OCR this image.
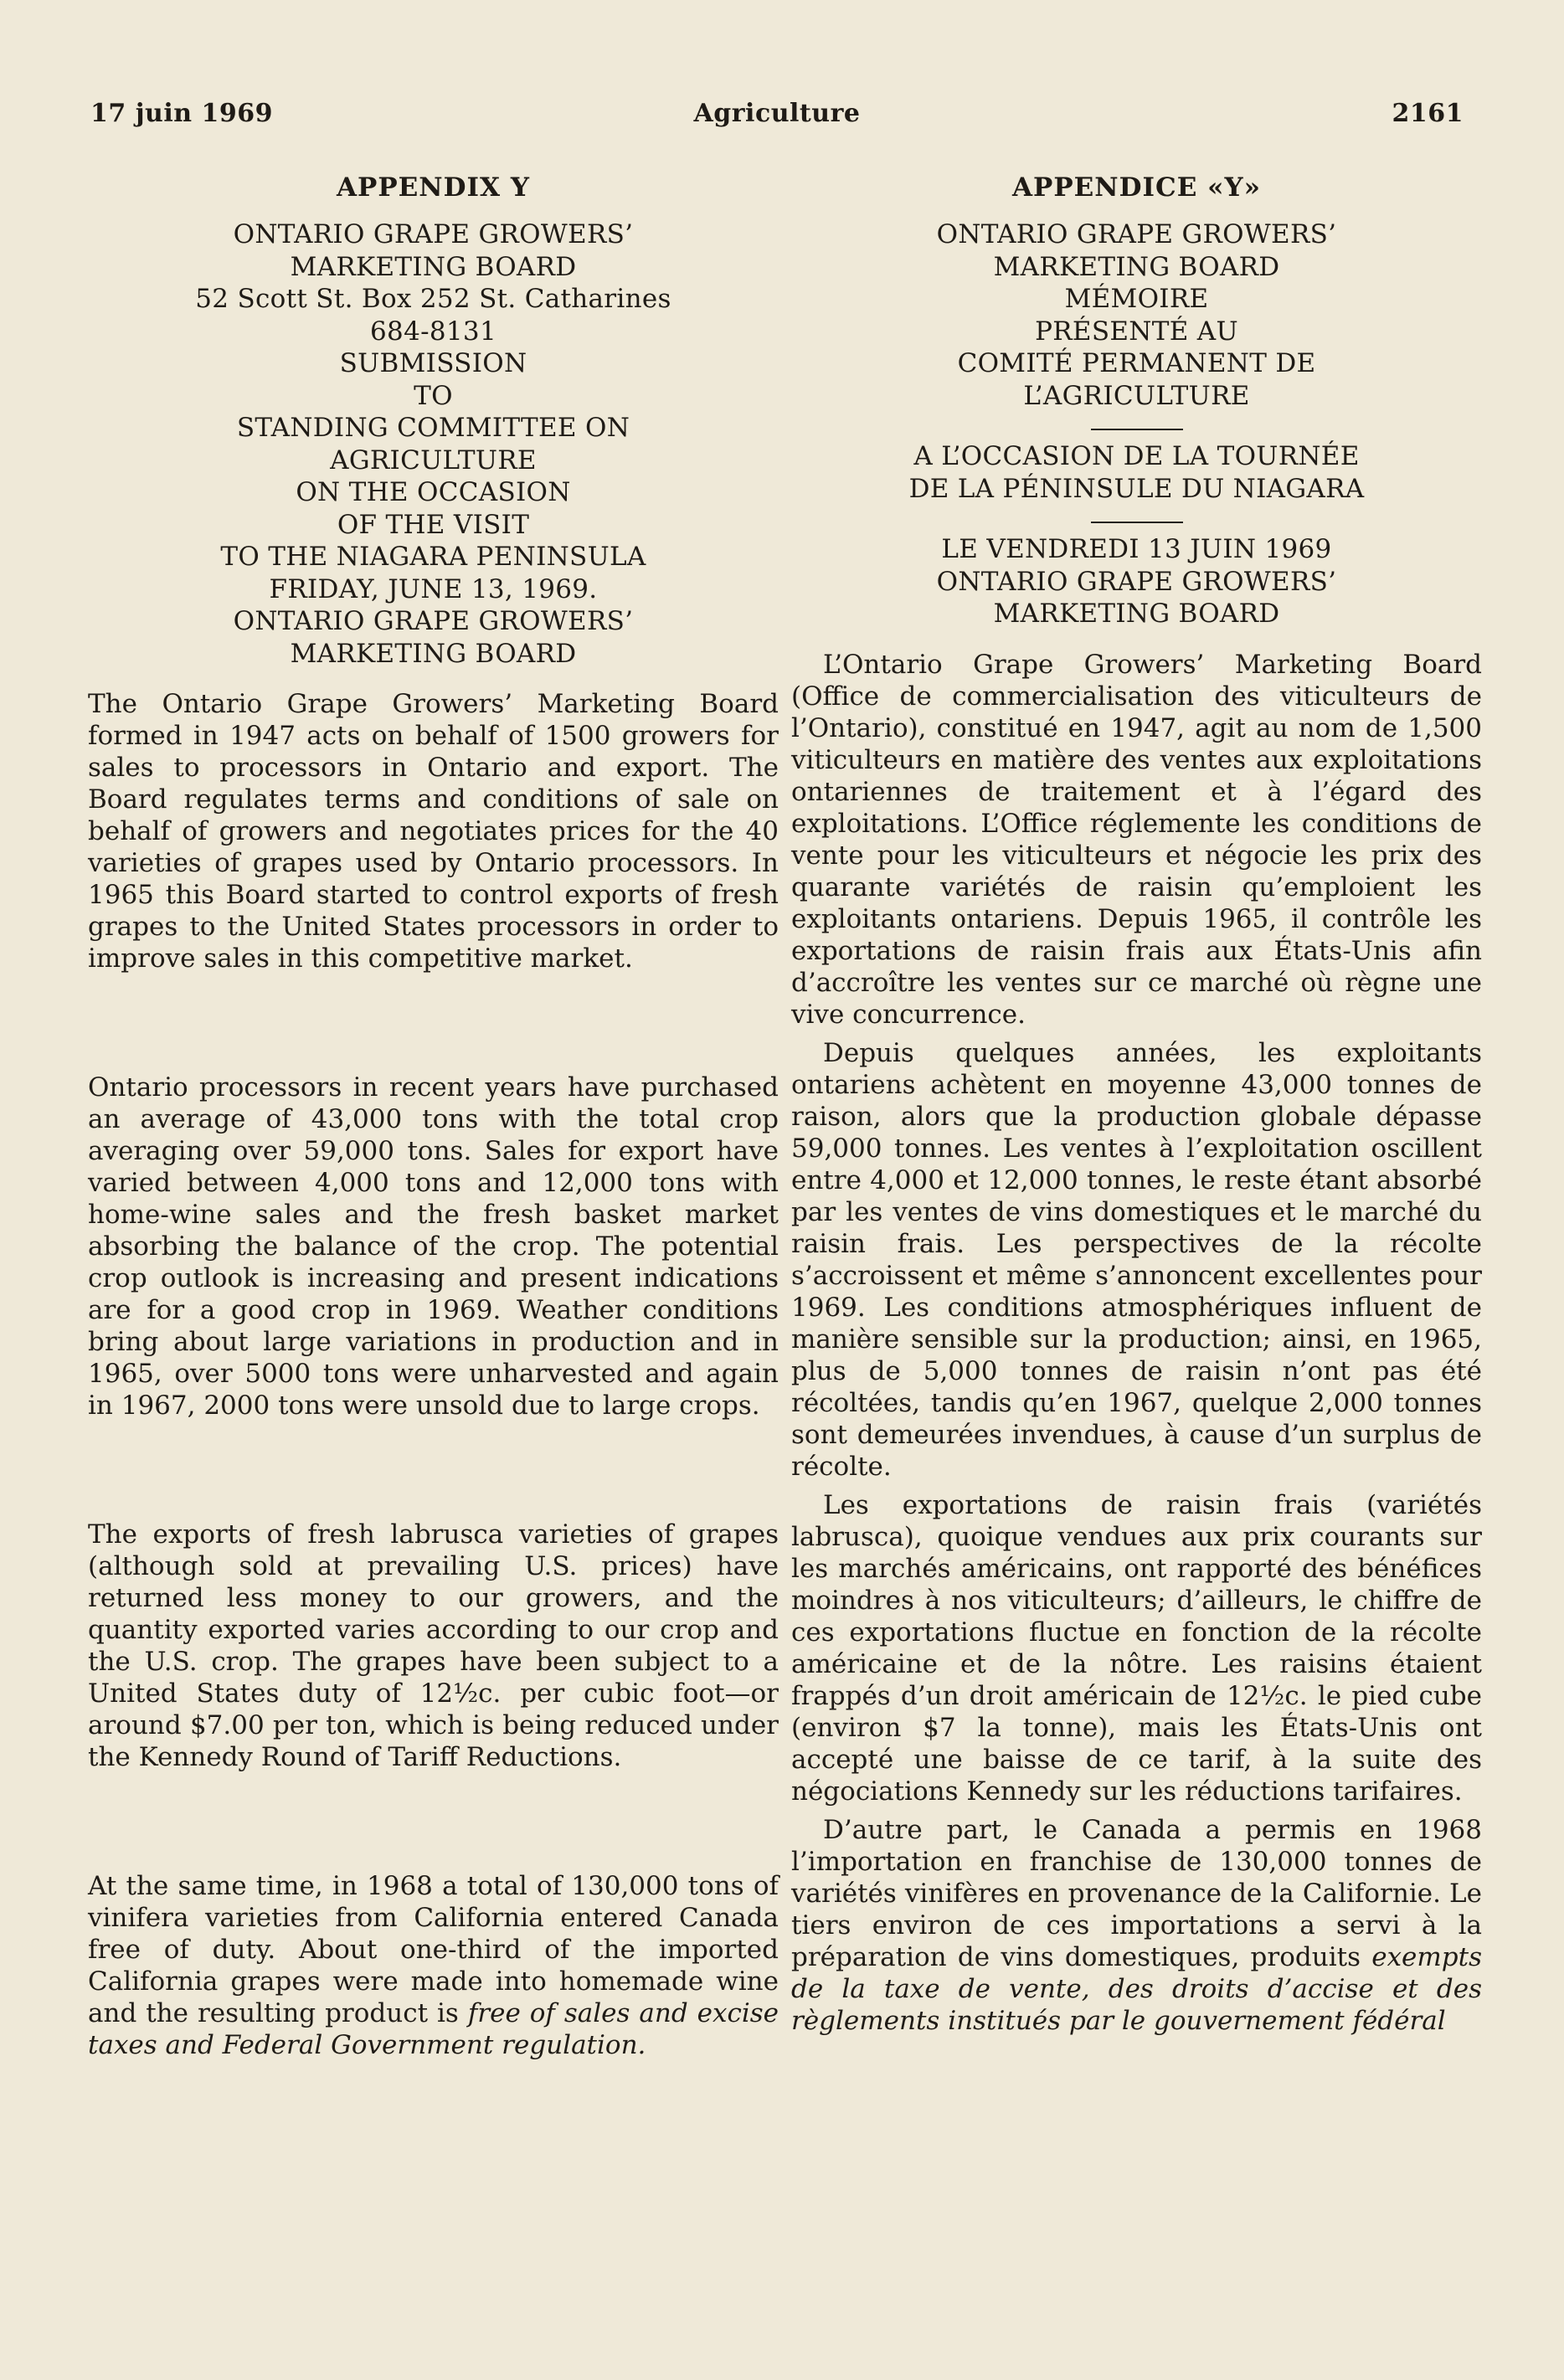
17 juin 1969	Agriculture	2161
APPENDIX Y
ONTARIO GRAPE GROWERS’
MARKETING BOARD
52 Scott St. Box 252 St. Catharines
684-8131
SUBMISSION
TO
STANDING COMMITTEE ON
AGRICULTURE
ON THE OCCASION
OF THE VISIT
TO THE NIAGARA PENINSULA
FRIDAY, JUNE 13, 1969.
ONTARIO GRAPE GROWERS’
MARKETING BOARD

The Ontario Grape Growers’ Marketing Board formed in 1947 acts on behalf of 1500 growers for sales to processors in Ontario and export. The Board regulates terms and conditions of sale on behalf of growers and negotiates prices for the 40 varieties of grapes used by Ontario processors. In 1965 this Board started to control exports of fresh grapes to the United States processors in order to improve sales in this competitive market.

Ontario processors in recent years have purchased an average of 43,000 tons with the total crop averaging over 59,000 tons. Sales for export have varied between 4,000 tons and 12,000 tons with home-wine sales and the fresh basket market absorbing the balance of the crop. The potential crop outlook is increasing and present indications are for a good crop in 1969. Weather conditions bring about large variations in production and in 1965, over 5000 tons were unharvested and again in 1967, 2000 tons were unsold due to large crops.

The exports of fresh labrusca varieties of grapes (although sold at prevailing U.S. prices) have returned less money to our growers, and the quantity exported varies according to our crop and the U.S. crop. The grapes have been subject to a United States duty of 12½c. per cubic foot—or around $7.00 per ton, which is being reduced under the Kennedy Round of Tariff Reductions.

At the same time, in 1968 a total of 130,000 tons of vinifera varieties from California entered Canada free of duty. About one-third of the imported California grapes were made into homemade wine and the resulting product is free of sales and excise taxes and Federal Government regulation.

APPENDICE «Y»
ONTARIO GRAPE GROWERS’
MARKETING BOARD
MÉMOIRE
PRÉSENTÉ AU
COMITÉ PERMANENT DE
L’AGRICULTURE
A L’OCCASION DE LA TOURNÉE
DE LA PÉNINSULE DU NIAGARA
LE VENDREDI 13 JUIN 1969
ONTARIO GRAPE GROWERS’
MARKETING BOARD

L’Ontario Grape Growers’ Marketing Board (Office de commercialisation des viticulteurs de l’Ontario), constitué en 1947, agit au nom de 1,500 viticulteurs en matière des ventes aux exploitations ontariennes de traitement et à l’égard des exploitations. L’Office réglemente les conditions de vente pour les viticulteurs et négocie les prix des quarante variétés de raisin qu’emploient les exploitants ontariens. Depuis 1965, il contrôle les exportations de raisin frais aux États-Unis afin d’accroître les ventes sur ce marché où règne une vive concurrence.

Depuis quelques années, les exploitants ontariens achètent en moyenne 43,000 tonnes de raison, alors que la production globale dépasse 59,000 tonnes. Les ventes à l’exploitation oscillent entre 4,000 et 12,000 tonnes, le reste étant absorbé par les ventes de vins domestiques et le marché du raisin frais. Les perspectives de la récolte s’accroissent et même s’annoncent excellentes pour 1969. Les conditions atmosphériques influent de manière sensible sur la production; ainsi, en 1965, plus de 5,000 tonnes de raisin n’ont pas été récoltées, tandis qu’en 1967, quelque 2,000 tonnes sont demeurées invendues, à cause d’un surplus de récolte.

Les exportations de raisin frais (variétés labrusca), quoique vendues aux prix courants sur les marchés américains, ont rapporté des bénéfices moindres à nos viticulteurs; d’ailleurs, le chiffre de ces exportations fluctue en fonction de la récolte américaine et de la nôtre. Les raisins étaient frappés d’un droit américain de 12½c. le pied cube (environ $7 la tonne), mais les États-Unis ont accepté une baisse de ce tarif, à la suite des négociations Kennedy sur les réductions tarifaires.

D’autre part, le Canada a permis en 1968 l’importation en franchise de 130,000 tonnes de variétés vinifères en provenance de la Californie. Le tiers environ de ces importations a servi à la préparation de vins domestiques, produits exempts de la taxe de vente, des droits d’accise et des règlements institués par le gouvernement fédéral
